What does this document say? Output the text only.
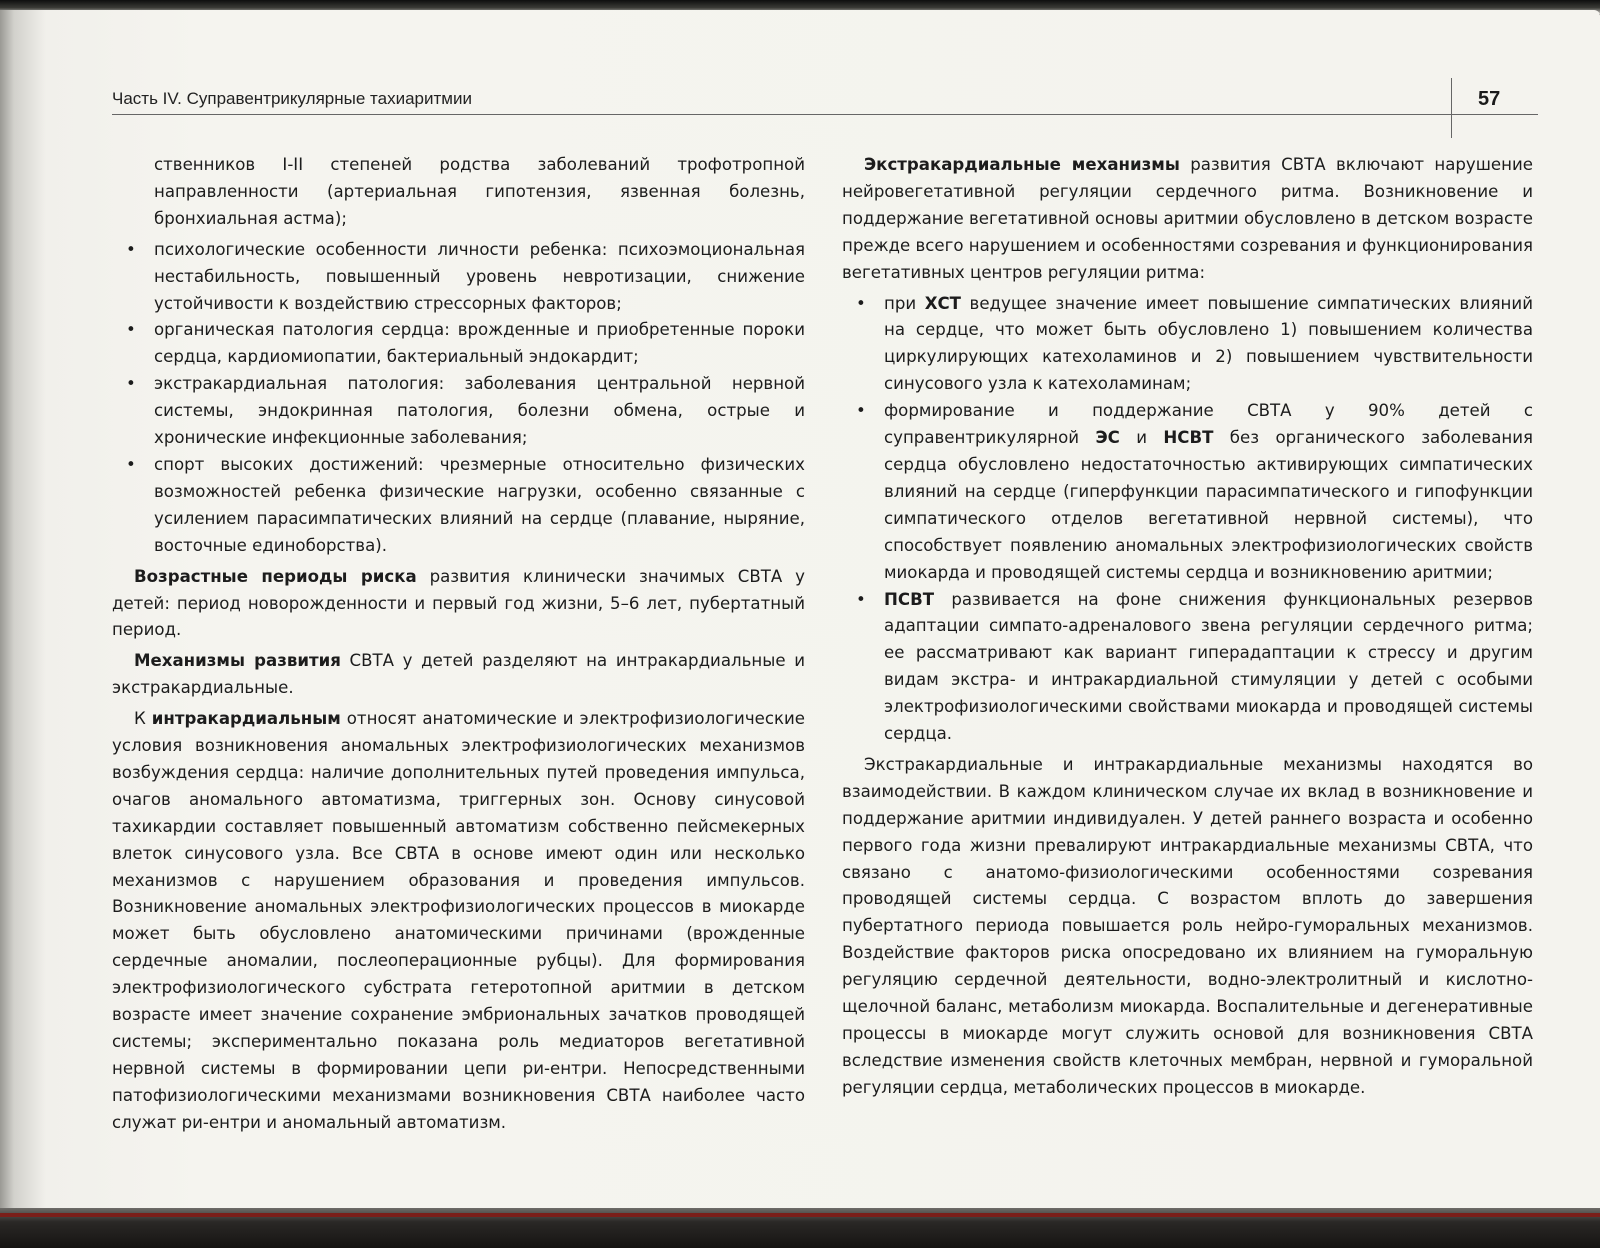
Часть IV. Суправентрикулярные тахиаритмии	57

ственников I-II степеней родства заболеваний трофотропной направленности (артериальная гипотензия, язвенная болезнь, бронхиальная астма);

• психологические особенности личности ребенка: психоэмоциональная нестабильность, повышенный уровень невротизации, снижение устойчивости к воздействию стрессорных факторов;
• органическая патология сердца: врожденные и приобретенные пороки сердца, кардиомиопатии, бактериальный эндокардит;
• экстракардиальная патология: заболевания центральной нервной системы, эндокринная патология, болезни обмена, острые и хронические инфекционные заболевания;
• спорт высоких достижений: чрезмерные относительно физических возможностей ребенка физические нагрузки, особенно связанные с усилением парасимпатических влияний на сердце (плавание, ныряние, восточные единоборства).

Возрастные периоды риска развития клинически значимых СВТА у детей: период новорожденности и первый год жизни, 5–6 лет, пубертатный период.

Механизмы развития СВТА у детей разделяют на интракардиальные и экстракардиальные.

К интракардиальным относят анатомические и электрофизиологические условия возникновения аномальных электрофизиологических механизмов возбуждения сердца: наличие дополнительных путей проведения импульса, очагов аномального автоматизма, триггерных зон. Основу синусовой тахикардии составляет повышенный автоматизм собственно пейсмекерных влеток синусового узла. Все СВТА в основе имеют один или несколько механизмов с нарушением образования и проведения импульсов. Возникновение аномальных электрофизиологических процессов в миокарде может быть обусловлено анатомическими причинами (врожденные сердечные аномалии, послеоперационные рубцы). Для формирования электрофизиологического субстрата гетеротопной аритмии в детском возрасте имеет значение сохранение эмбриональных зачатков проводящей системы; экспериментально показана роль медиаторов вегетативной нервной системы в формировании цепи ри-ентри. Непосредственными патофизиологическими механизмами возникновения СВТА наиболее часто служат ри-ентри и аномальный автоматизм.

Экстракардиальные механизмы развития СВТА включают нарушение нейровегетативной регуляции сердечного ритма. Возникновение и поддержание вегетативной основы аритмии обусловлено в детском возрасте прежде всего нарушением и особенностями созревания и функционирования вегетативных центров регуляции ритма:

• при ХСТ ведущее значение имеет повышение симпатических влияний на сердце, что может быть обусловлено 1) повышением количества циркулирующих катехоламинов и 2) повышением чувствительности синусового узла к катехоламинам;
• формирование и поддержание СВТА у 90% детей с суправентрикулярной ЭС и НСВТ без органического заболевания сердца обусловлено недостаточностью активирующих симпатических влияний на сердце (гиперфункции парасимпатического и гипофункции симпатического отделов вегетативной нервной системы), что способствует появлению аномальных электрофизиологических свойств миокарда и проводящей системы сердца и возникновению аритмии;
• ПСВТ развивается на фоне снижения функциональных резервов адаптации симпато-адреналового звена регуляции сердечного ритма; ее рассматривают как вариант гиперадаптации к стрессу и другим видам экстра- и интракардиальной стимуляции у детей с особыми электрофизиологическими свойствами миокарда и проводящей системы сердца.

Экстракардиальные и интракардиальные механизмы находятся во взаимодействии. В каждом клиническом случае их вклад в возникновение и поддержание аритмии индивидуален. У детей раннего возраста и особенно первого года жизни превалируют интракардиальные механизмы СВТА, что связано с анатомо-физиологическими особенностями созревания проводящей системы сердца. С возрастом вплоть до завершения пубертатного периода повышается роль нейро-гуморальных механизмов. Воздействие факторов риска опосредовано их влиянием на гуморальную регуляцию сердечной деятельности, водно-электролитный и кислотно-щелочной баланс, метаболизм миокарда. Воспалительные и дегенеративные процессы в миокарде могут служить основой для возникновения СВТА вследствие изменения свойств клеточных мембран, нервной и гуморальной регуляции сердца, метаболических процессов в миокарде.
